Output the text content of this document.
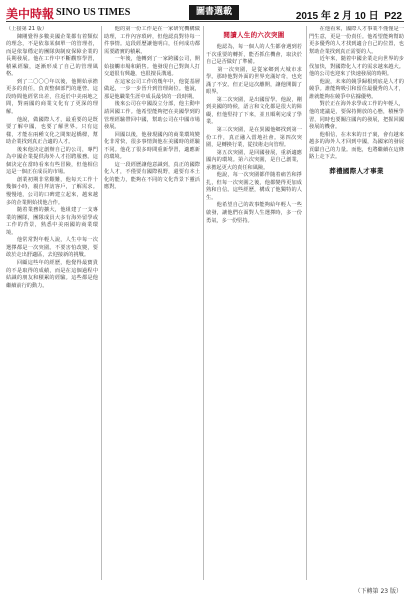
美中時報 SINO US TIMES	圖書選載	2015 年 2 月 10 日 P22

（上接第 21 版）

　　陳剛覺得多數美國企業都有着類似的理念，不是依靠某個單一的管理者，而是依靠穩定的團隊與制度保障企業的長期發展。他在工作中不斷觀察學習，積累經驗，逐漸形成了自己的管理風格。

　　到了二〇〇〇年以後，他開始承擔更多的責任，負責整個部門的運營。這段時間他經常出差，往返於中美兩地之間，對兩國的商業文化有了更深的理解。

　　他說，做國際人才，最重要的是既要了解中國，也要了解世界。只有這樣，才能在兩種文化之間架起橋樑，幫助企業找到真正合適的人才。

　　後來他決定創辦自己的公司，專門為中國企業提供海外人才招聘服務。這個決定在當時看來有些冒險，但他相信這是一個正在成長的市場。

　　創業初期非常艱難，他每天工作十幾個小時，親自拜訪客戶，了解需求。慢慢地，公司的口碑建立起來，越來越多的企業開始找他合作。

　　隨着業務的擴大，他組建了一支專業的團隊，團隊成員大多有海外留學或工作的背景，熟悉中美兩國的商業環境。

　　他常常對年輕人說，人生中每一次選擇都是一次突圍。不要害怕改變，要敢於走出舒適區，去迎接新的挑戰。

　　回顧這些年的經歷，他覺得最寶貴的不是取得的成績，而是在這個過程中結識的朋友和積累的經驗。這些都是他繼續前行的動力。

　　他的第一份工作是在一家研究機構做助理，工作內容瑣碎，但他認真對待每一件事情。這段經歷讓他明白，任何成功都需要踏實的積累。

　　一年後，他轉到了一家跨國公司，開始接觸市場和銷售。他發現自己對與人打交道很有興趣，也很擅長溝通。

　　在這家公司工作的幾年中，他從基層做起，一步一步晉升到管理崗位。他說，那是他職業生涯中成長最快的一段時期。

　　後來公司在中國設立分部，他主動申請回國工作。他希望能夠把在美國學到的管理經驗帶回中國，幫助公司在中國市場發展。

　　回國以後，他發現國內的商業環境變化非常快，很多事情與他在美國時的經驗不同。他花了很多時間重新學習，適應新的環境。

　　這一段經歷讓他意識到，真正的國際化人才，不僅要有國際視野，還要有本土化的能力，能夠在不同的文化背景下靈活應對。

閱讀人生的六次突圍

　　他認為，每一個人的人生都會遇到若干次重要的轉折，能否抓住機會，取決於自己是否做好了準備。

　　第一次突圍，是從家鄉到大城市求學。那時他對外面的世界充滿好奇，也充滿了不安。但正是這次離開，讓他開闊了眼界。

　　第二次突圍，是出國留學。他說，剛到美國的時候，語言和文化都是很大的障礙，但他堅持了下來，並且順利完成了學業。

　　第三次突圍，是在異國他鄉找到第一份工作，真正融入當地社會。第四次突圍，是轉換行業，從技術走向管理。

　　第五次突圍，是回國發展，重新適應國內的環境。第六次突圍，是自己創業，承擔起更大的責任和風險。

　　他說，每一次突圍都伴隨着痛苦和掙扎，但每一次突圍之後，他都變得更加成熟和自信。這些經歷，構成了他獨特的人生。

　　他希望自己的故事能夠給年輕人一些啟發，讓他們在面對人生選擇時，多一份勇氣，多一份堅持。

　　在他看來，國際人才事業不僅僅是一門生意，更是一份責任。他希望能夠幫助更多優秀的人才找到適合自己的位置，也幫助企業找到真正需要的人。

　　近年來，隨着中國企業走向世界的步伐加快，對國際化人才的需求越來越大。他的公司也迎來了快速發展的時期。

　　他說，未來的競爭歸根到底是人才的競爭。誰能夠吸引和留住最優秀的人才，誰就能夠在競爭中佔據優勢。

　　對於正在海外求學或工作的年輕人，他的建議是，要保持開放的心態，積極學習，同時也要關注國內的發展，把握回國發展的機會。

　　他相信，在未來的日子裏，會有越來越多的海外人才回到中國，為國家的發展貢獻自己的力量。而他，也將繼續在這條路上走下去。

葬禮國際人才事業
（下轉第 23 版）
